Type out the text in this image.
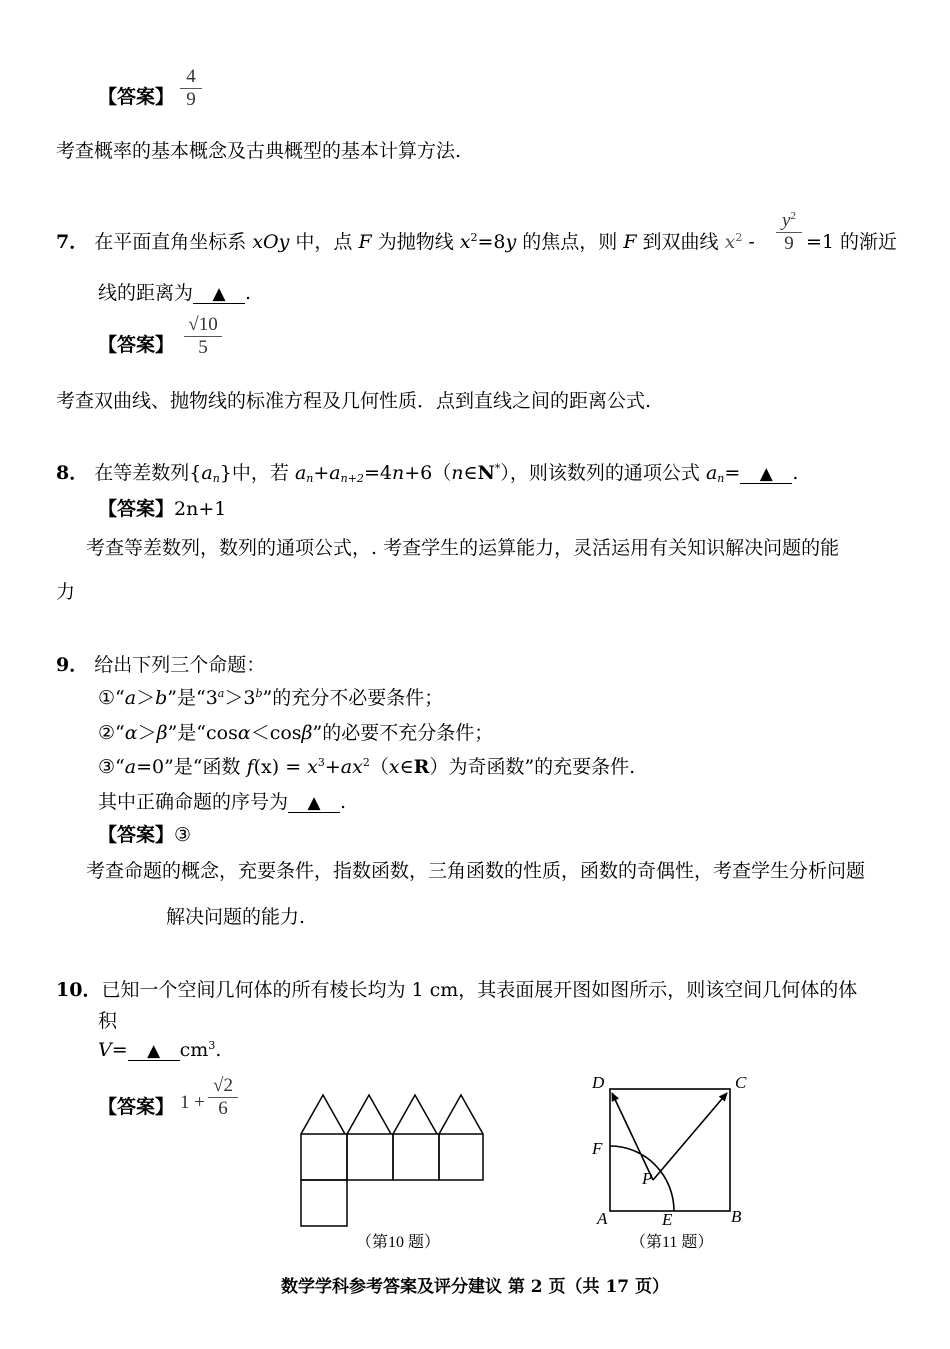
【答案】 $\frac{4}{9}$
考查概率的基本概念及古典概型的基本计算方法.
7． 在平面直角坐标系 xOy 中，点 F 为抛物线 $x^2=8y$ 的焦点，则 F 到双曲线 $x^2 - \frac{y^2}{9} =1$ 的渐近
线的距离为 ▲ .
【答案】 $\frac{√10}{5}$
考查双曲线、抛物线的标准方程及几何性质．点到直线之间的距离公式.
8． 在等差数列$\{a_n\}$中，若 $a_n+a_{n+2}=4n+6(n\in N^*)$，则该数列的通项公式 $a_n=$ ▲ .
【答案】2n+1
考查等差数列，数列的通项公式，. 考查学生的运算能力，灵活运用有关知识解决问题的能
力
9． 给出下列三个命题：
①“a＞b”是“$3^a>3^b$”的充分不必要条件；
②“α＞β”是“cosα＜cosβ”的必要不充分条件；
③“a=0”是“函数 $f(x) = x^3+ax^2(x\in R)$为奇函数”的充要条件.
其中正确命题的序号为 ▲ .
【答案】③
考查命题的概念，充要条件，指数函数，三角函数的性质，函数的奇偶性，考查学生分析问题
解决问题的能力.
10．已知一个空间几何体的所有棱长均为 1 cm，其表面展开图如图所示，则该空间几何体的体
积
V= ▲ $cm^3$.
【答案】 $1 + \frac{√2}{6}$
（第10 题）
D	C
F
P
A	E	B
（第11 题）
数学学科参考答案及评分建议 第 2 页（共 17 页）
